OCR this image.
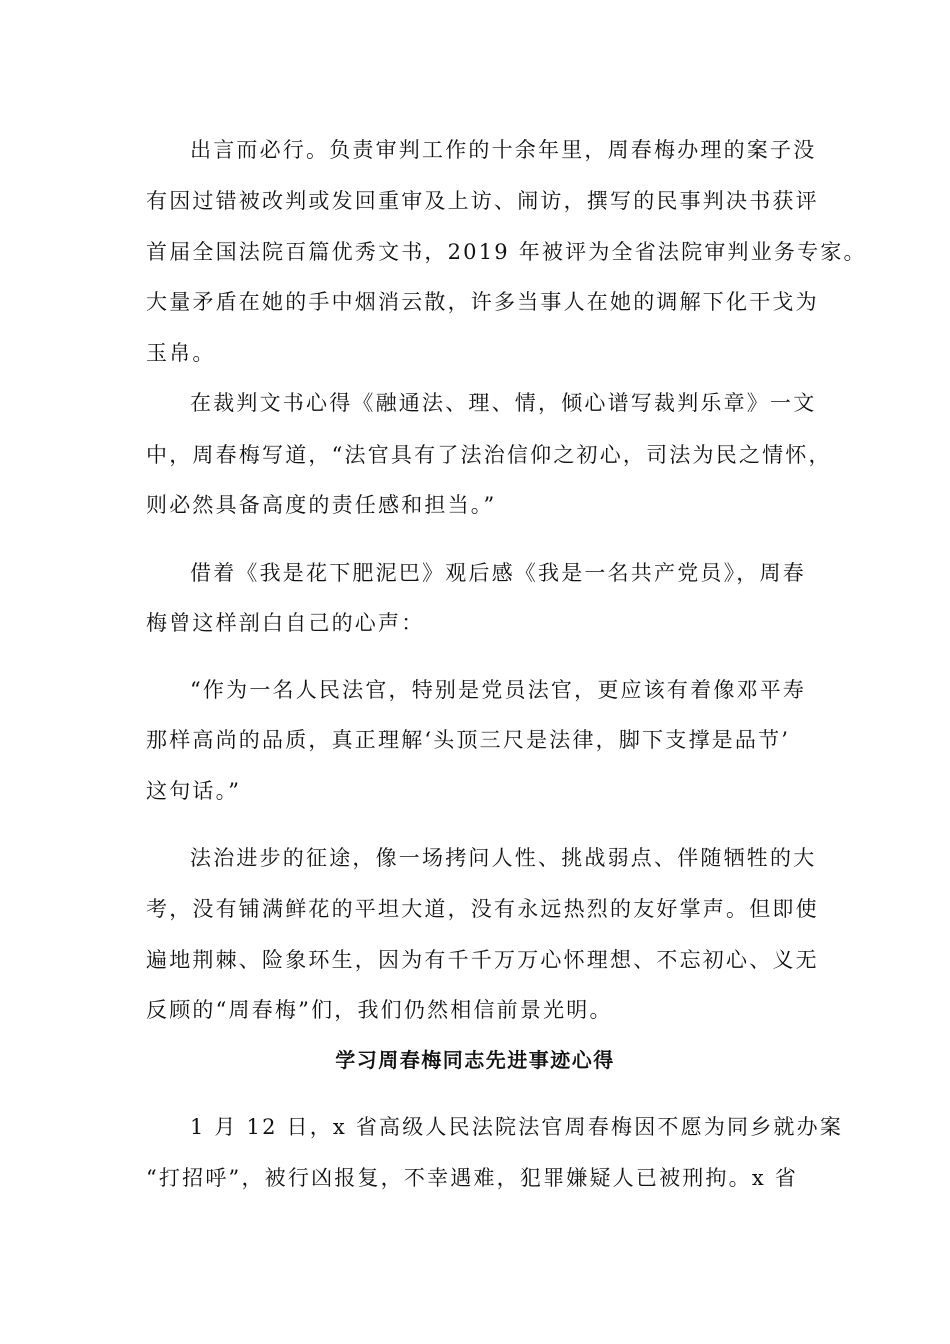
出言而必行。负责审判工作的十余年里，周春梅办理的案子没

有因过错被改判或发回重审及上访、闹访，撰写的民事判决书获评

首届全国法院百篇优秀文书，2019 年被评为全省法院审判业务专家。

大量矛盾在她的手中烟消云散，许多当事人在她的调解下化干戈为

玉帛。

在裁判文书心得《融通法、理、情，倾心谱写裁判乐章》一文

中，周春梅写道，“法官具有了法治信仰之初心，司法为民之情怀，

则必然具备高度的责任感和担当。”

借着《我是花下肥泥巴》观后感《我是一名共产党员》，周春

梅曾这样剖白自己的心声：

“作为一名人民法官，特别是党员法官，更应该有着像邓平寿

那样高尚的品质，真正理解‘头顶三尺是法律，脚下支撑是品节’

这句话。”

法治进步的征途，像一场拷问人性、挑战弱点、伴随牺牲的大

考，没有铺满鲜花的平坦大道，没有永远热烈的友好掌声。但即使

遍地荆棘、险象环生，因为有千千万万心怀理想、不忘初心、义无

反顾的“周春梅”们，我们仍然相信前景光明。

学习周春梅同志先进事迹心得

1 月 12 日，x 省高级人民法院法官周春梅因不愿为同乡就办案

“打招呼”，被行凶报复，不幸遇难，犯罪嫌疑人已被刑拘。x 省
